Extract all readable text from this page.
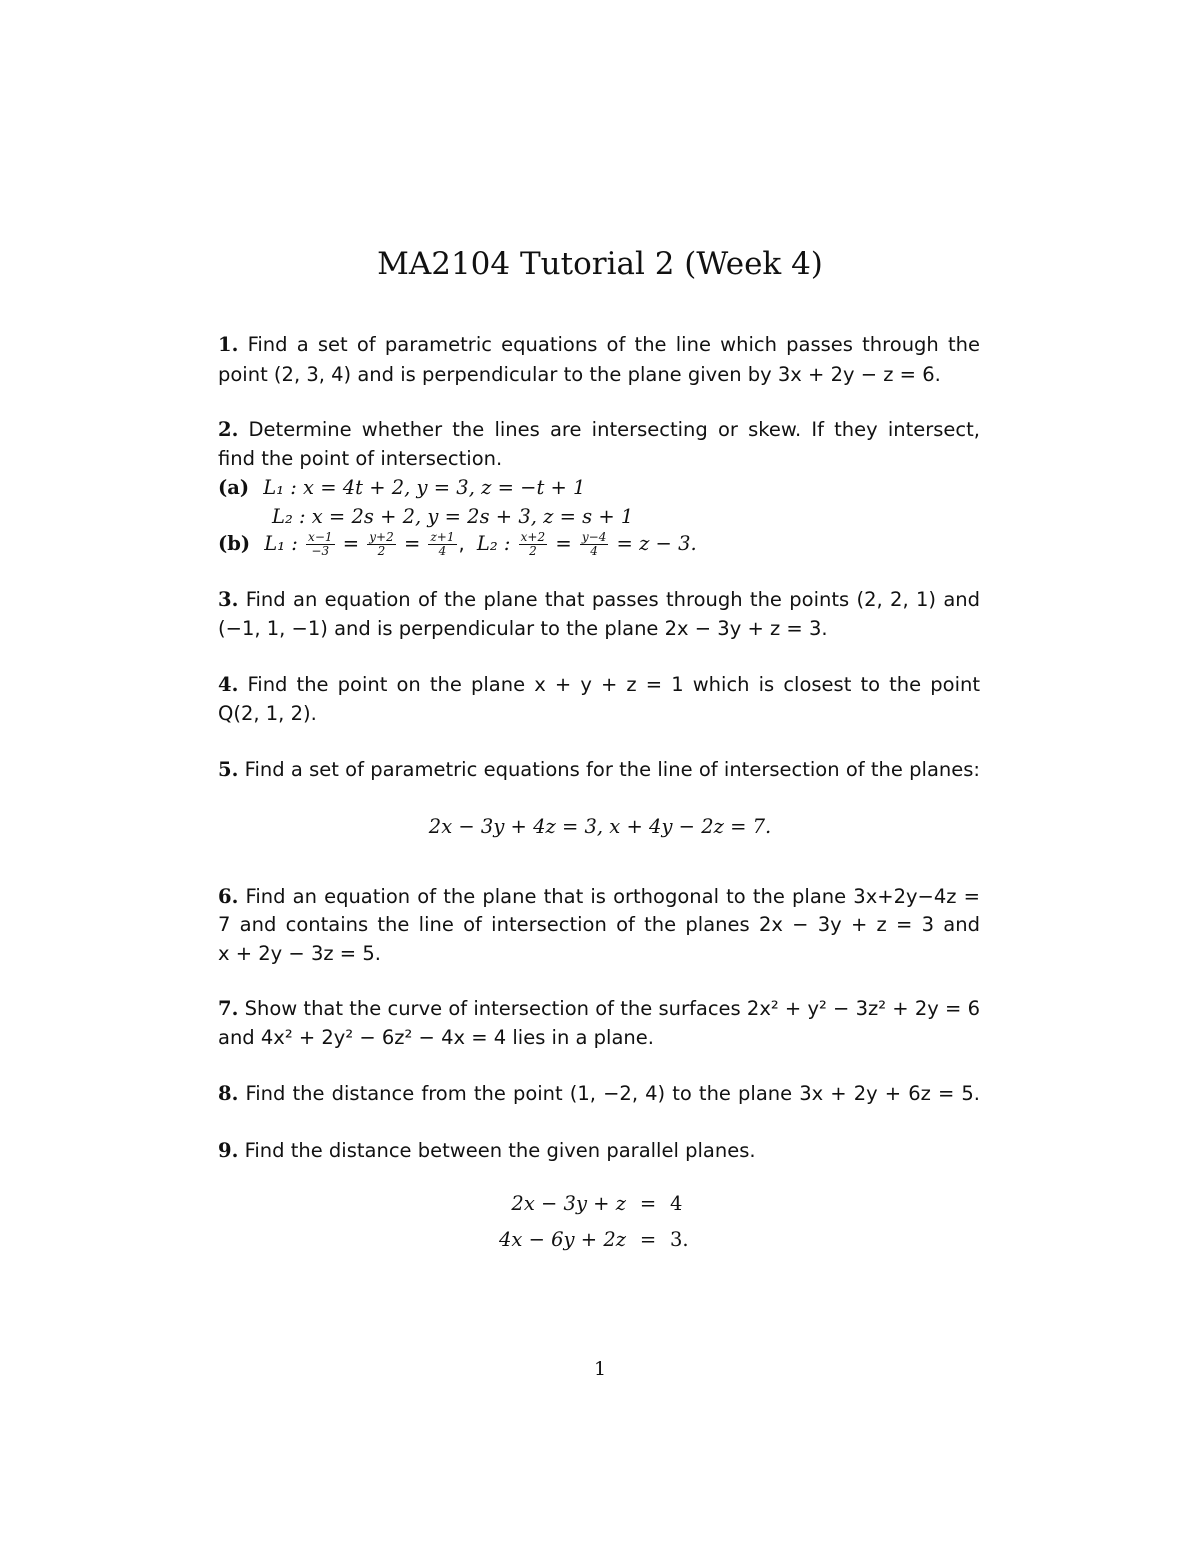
MA2104 Tutorial 2 (Week 4)
1. Find a set of parametric equations of the line which passes through the
point (2, 3, 4) and is perpendicular to the plane given by 3x + 2y − z = 6.
2. Determine whether the lines are intersecting or skew. If they intersect,
find the point of intersection.
(a) L₁ : x = 4t + 2, y = 3, z = −t + 1
L₂ : x = 2s + 2, y = 2s + 3, z = s + 1
(b) L₁ : $\frac{x-1}{-3} = \frac{y+2}{2} = \frac{z+1}{4}$ , L₂ : $\frac{x+2}{2} = \frac{y-4}{4} = z - 3$.
3. Find an equation of the plane that passes through the points (2, 2, 1) and
(−1, 1, −1) and is perpendicular to the plane 2x − 3y + z = 3.
4. Find the point on the plane x + y + z = 1 which is closest to the point
Q(2, 1, 2).
5. Find a set of parametric equations for the line of intersection of the planes:
2x − 3y + 4z = 3, x + 4y − 2z = 7.
6. Find an equation of the plane that is orthogonal to the plane 3x+2y−4z =
7 and contains the line of intersection of the planes 2x − 3y + z = 3 and
x + 2y − 3z = 5.
7. Show that the curve of intersection of the surfaces 2x² + y² − 3z² + 2y = 6
and 4x² + 2y² − 6z² − 4x = 4 lies in a plane.
8. Find the distance from the point (1, −2, 4) to the plane 3x + 2y + 6z = 5.
9. Find the distance between the given parallel planes.
2x − 3y + z = 4
4x − 6y + 2z = 3.
1
